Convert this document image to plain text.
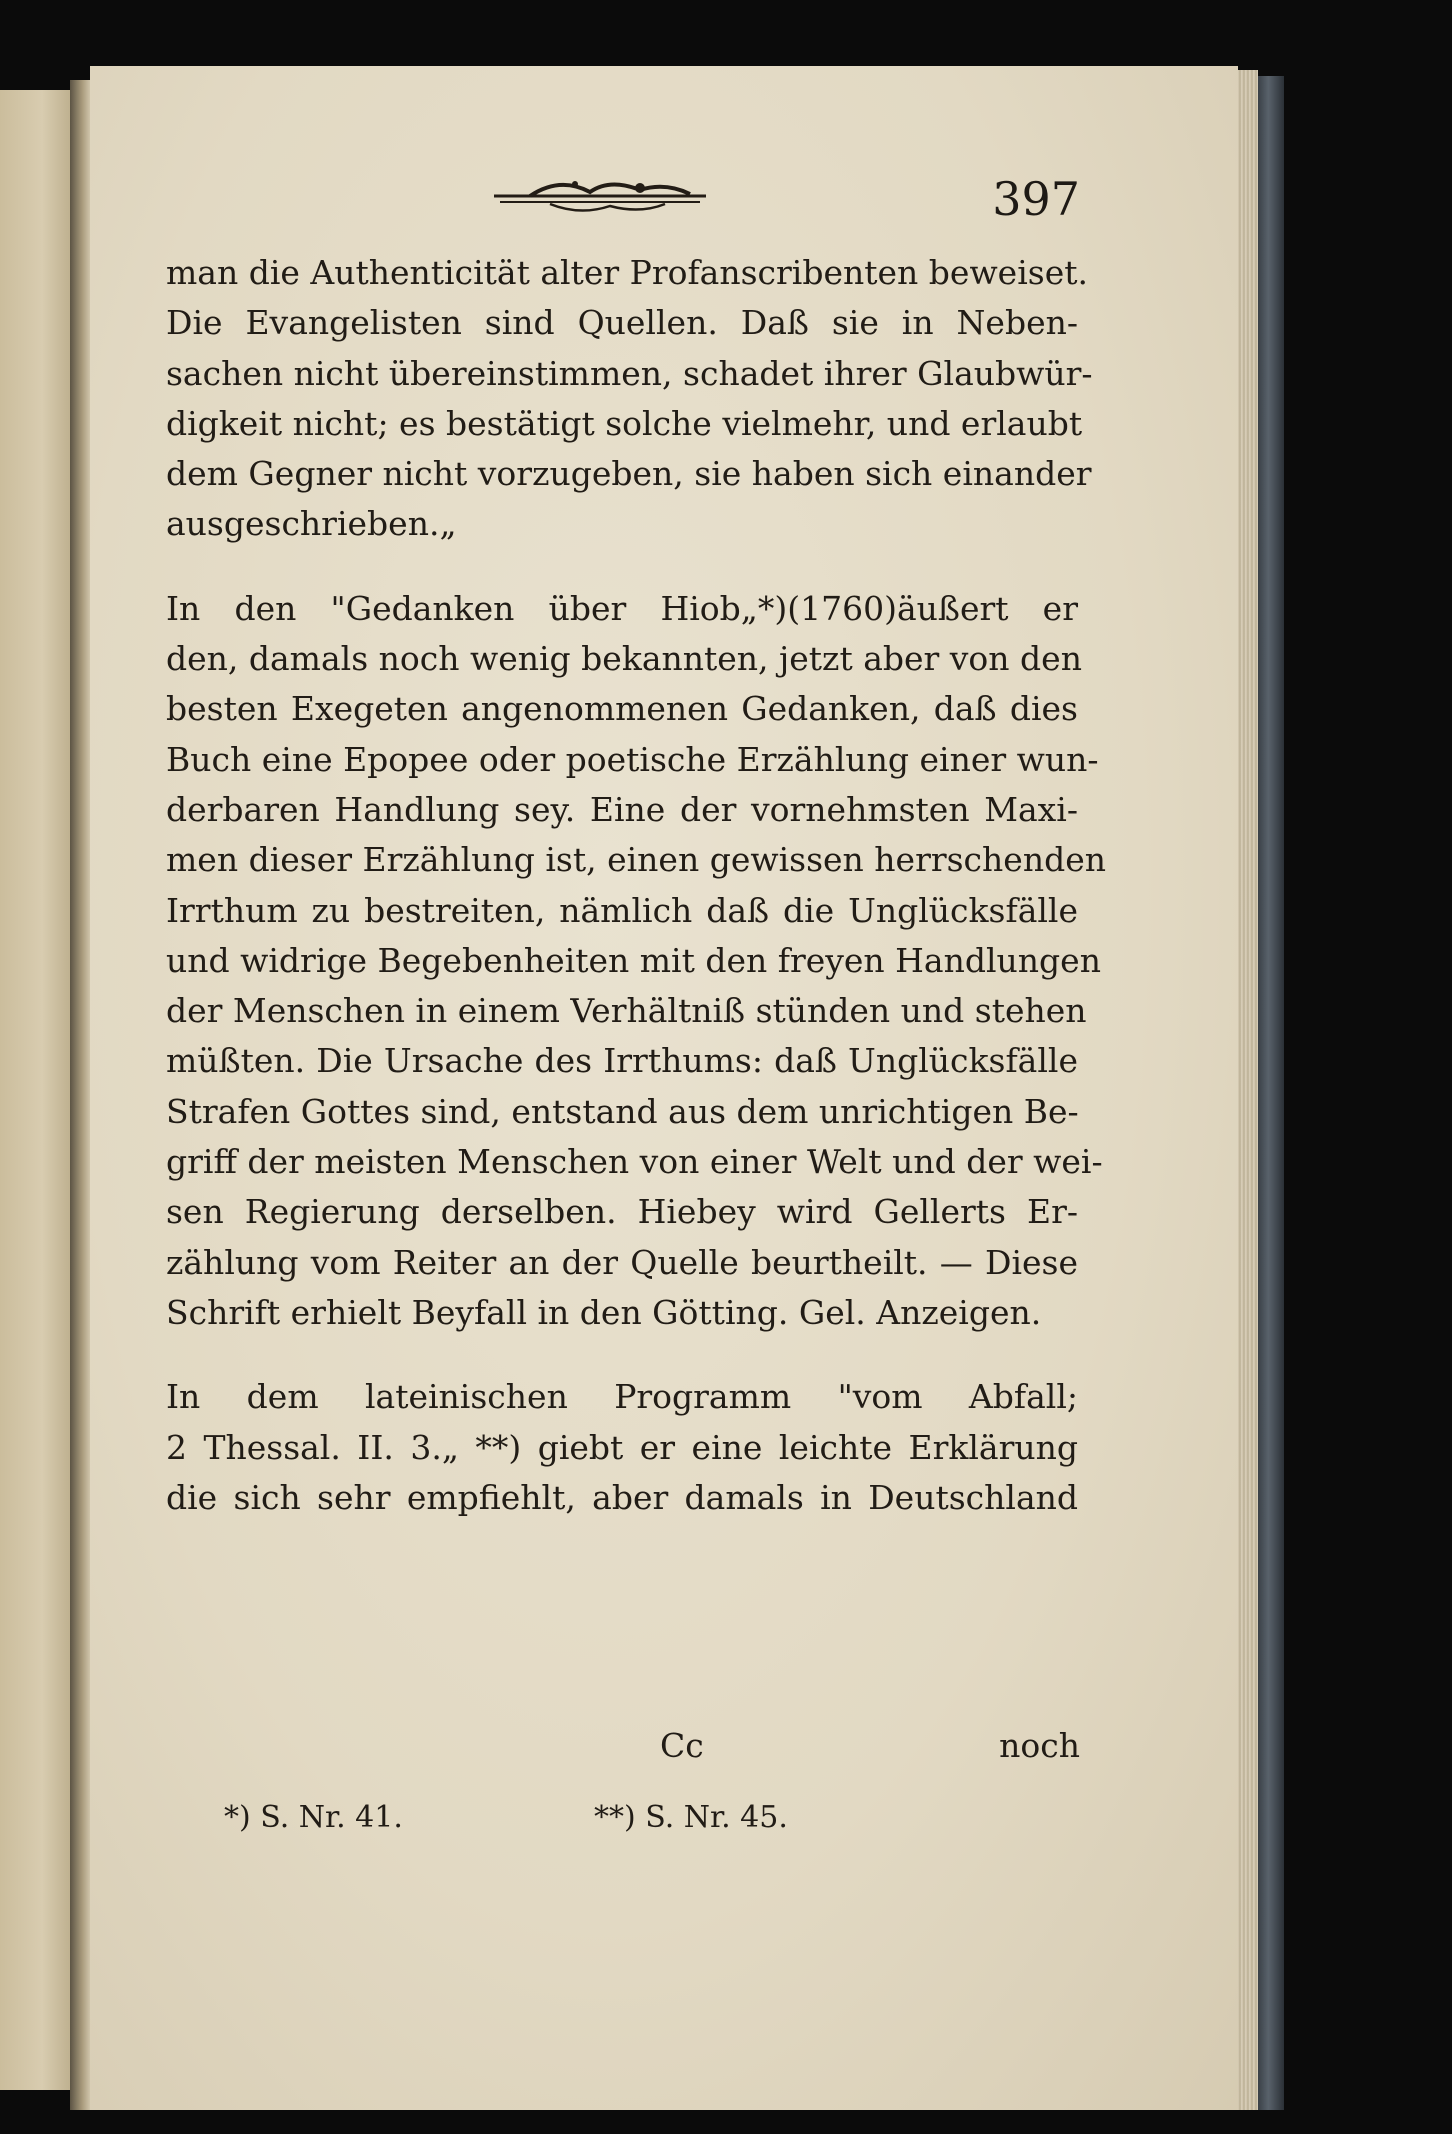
397
man die Authenticität alter Profanscribenten beweiset.
Die Evangelisten sind Quellen. Daß sie in Neben-
sachen nicht übereinstimmen, schadet ihrer Glaubwür-
digkeit nicht; es bestätigt solche vielmehr, und erlaubt
dem Gegner nicht vorzugeben, sie haben sich einander
ausgeschrieben.„
In den "Gedanken über Hiob„*)(1760)äußert er
den, damals noch wenig bekannten, jetzt aber von den
besten Exegeten angenommenen Gedanken, daß dies
Buch eine Epopee oder poetische Erzählung einer wun-
derbaren Handlung sey. Eine der vornehmsten Maxi-
men dieser Erzählung ist, einen gewissen herrschenden
Irrthum zu bestreiten, nämlich daß die Unglücksfälle
und widrige Begebenheiten mit den freyen Handlungen
der Menschen in einem Verhältniß stünden und stehen
müßten. Die Ursache des Irrthums: daß Unglücksfälle
Strafen Gottes sind, entstand aus dem unrichtigen Be-
griff der meisten Menschen von einer Welt und der wei-
sen Regierung derselben. Hiebey wird Gellerts Er-
zählung vom Reiter an der Quelle beurtheilt. — Diese
Schrift erhielt Beyfall in den Götting. Gel. Anzeigen.
In dem lateinischen Programm "vom Abfall;
2 Thessal. II. 3.„ **) giebt er eine leichte Erklärung
die sich sehr empfiehlt, aber damals in Deutschland
Cc	noch
*) S. Nr. 41.	**) S. Nr. 45.
